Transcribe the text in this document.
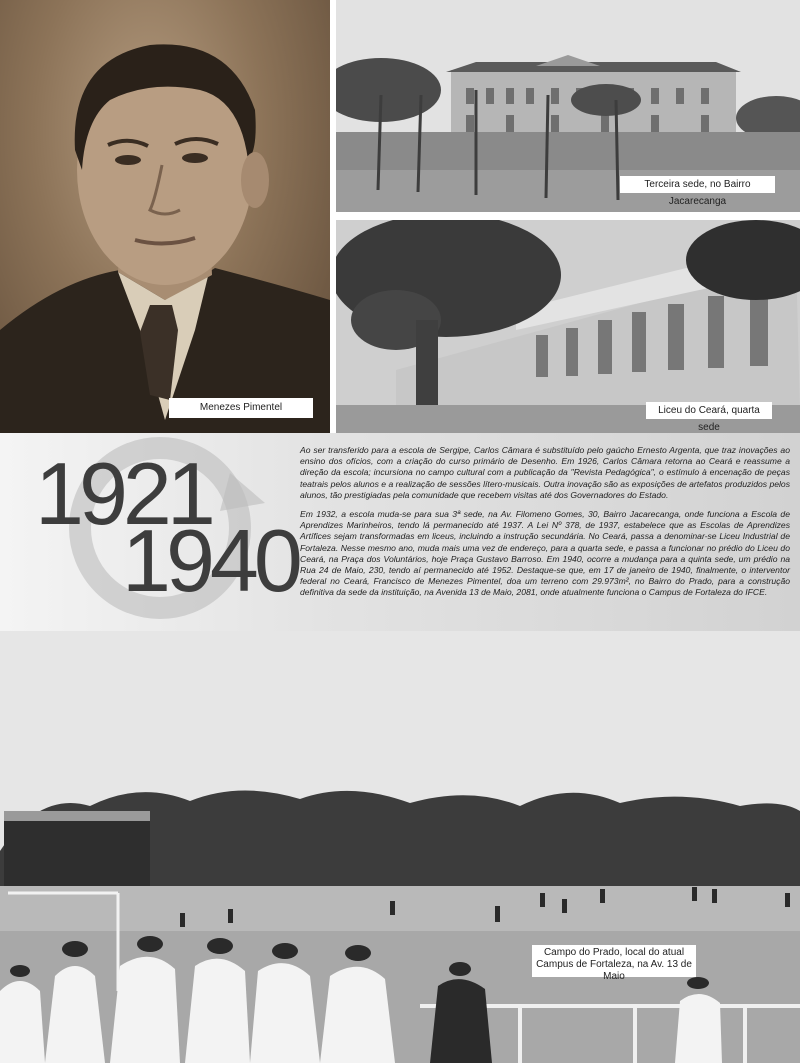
Menezes Pimentel
Terceira sede, no Bairro Jacarecanga
Liceu do Ceará, quarta sede
1921
1940

Ao ser transferido para a escola de Sergipe, Carlos Câmara é substituído pelo gaúcho Ernesto Argenta, que traz inovações ao ensino dos ofícios, com a criação do curso primário de Desenho. Em 1926, Carlos Câmara retorna ao Ceará e reassume a direção da escola; incursiona no campo cultural com a publicação da "Revista Pedagógica", o estímulo à encenação de peças teatrais pelos alunos e a realização de sessões lítero-musicais. Outra inovação são as exposições de artefatos produzidos pelos alunos, tão prestigiadas pela comunidade que recebem visitas até dos Governadores do Estado.

Em 1932, a escola muda-se para sua 3ª sede, na Av. Filomeno Gomes, 30, Bairro Jacarecanga, onde funciona a Escola de Aprendizes Marinheiros, tendo lá permanecido até 1937. A Lei Nº 378, de 1937, estabelece que as Escolas de Aprendizes Artífices sejam transformadas em liceus, incluindo a instrução secundária. No Ceará, passa a denominar-se Liceu Industrial de Fortaleza. Nesse mesmo ano, muda mais uma vez de endereço, para a quarta sede, e passa a funcionar no prédio do Liceu do Ceará, na Praça dos Voluntários, hoje Praça Gustavo Barroso. Em 1940, ocorre a mudança para a quinta sede, um prédio na Rua 24 de Maio, 230, tendo aí permanecido até 1952. Destaque-se que, em 17 de janeiro de 1940, finalmente, o interventor federal no Ceará, Francisco de Menezes Pimentel, doa um terreno com 29.973m², no Bairro do Prado, para a construção definitiva da sede da instituição, na Avenida 13 de Maio, 2081, onde atualmente funciona o Campus de Fortaleza do IFCE.

Campo do Prado, local do atual
Campus de Fortaleza, na Av. 13 de Maio
